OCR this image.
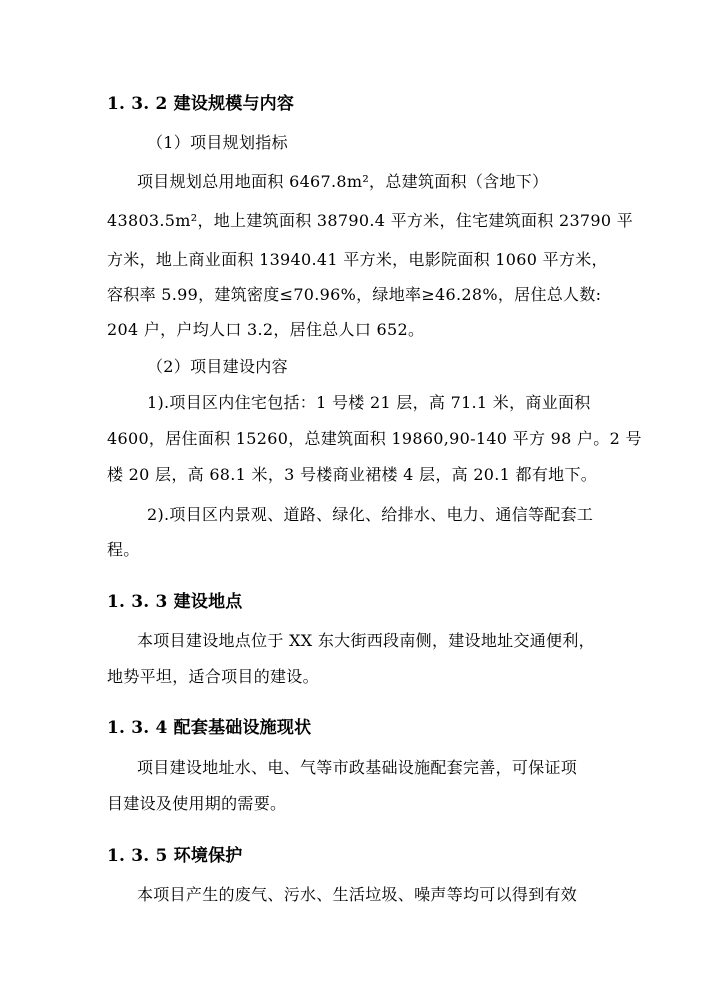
1. 3. 2 建设规模与内容
（1）项目规划指标
项目规划总用地面积 6467.8m²，总建筑面积（含地下）
43803.5m²，地上建筑面积 38790.4 平方米，住宅建筑面积 23790 平
方米，地上商业面积 13940.41 平方米，电影院面积 1060 平方米，
容积率 5.99，建筑密度≤70.96%，绿地率≥46.28%，居住总人数:
204 户，户均人口 3.2，居住总人口 652。
（2）项目建设内容
1).项目区内住宅包括：1 号楼 21 层，高 71.1 米，商业面积
4600，居住面积 15260，总建筑面积 19860,90-140 平方 98 户。2 号
楼 20 层，高 68.1 米，3 号楼商业裙楼 4 层，高 20.1 都有地下。
2).项目区内景观、道路、绿化、给排水、电力、通信等配套工
程。
1. 3. 3 建设地点
本项目建设地点位于 XX 东大街西段南侧，建设地址交通便利，
地势平坦，适合项目的建设。
1. 3. 4 配套基础设施现状
项目建设地址水、电、气等市政基础设施配套完善，可保证项
目建设及使用期的需要。
1. 3. 5 环境保护
本项目产生的废气、污水、生活垃圾、噪声等均可以得到有效
